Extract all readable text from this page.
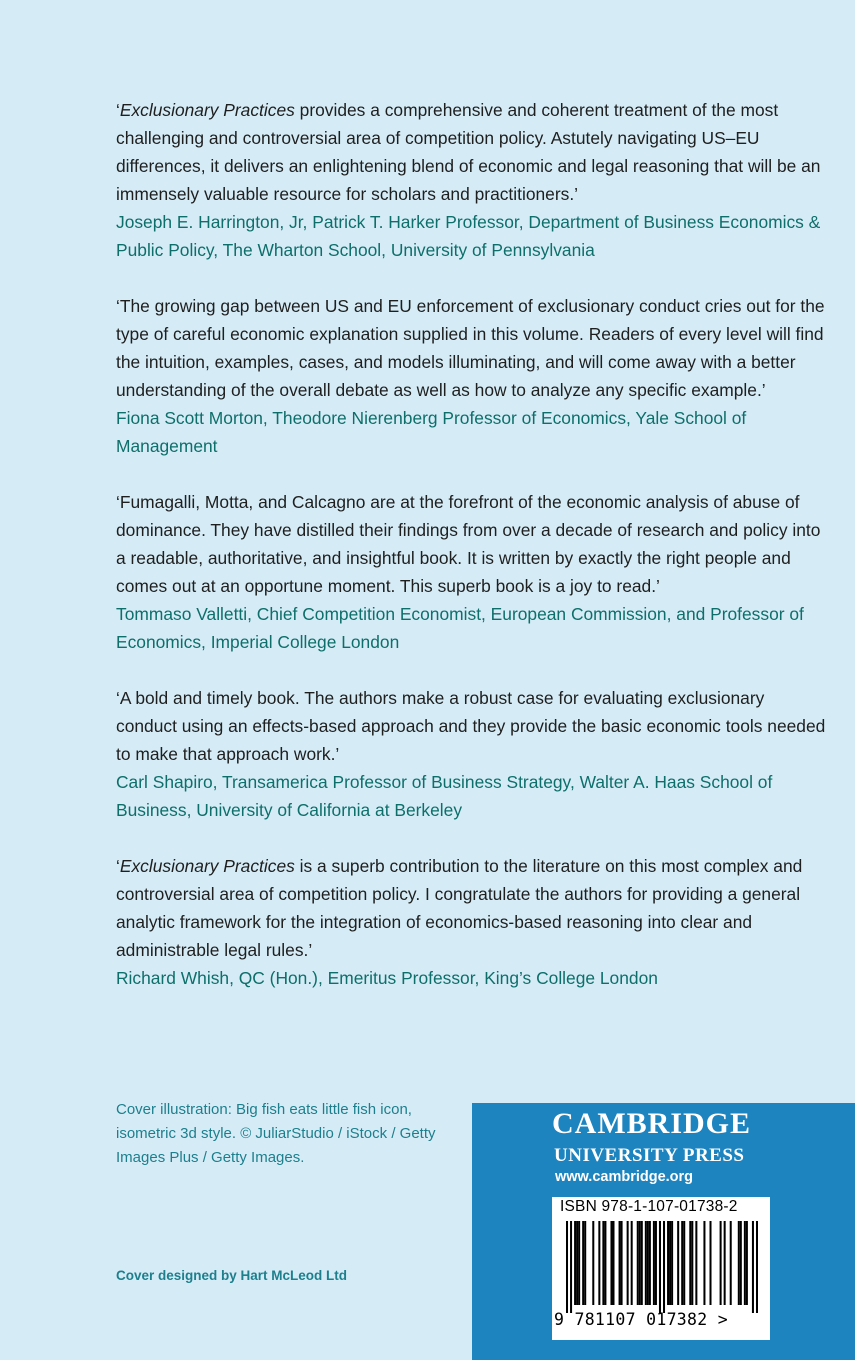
‘Exclusionary Practices provides a comprehensive and coherent treatment of the most challenging and controversial area of competition policy. Astutely navigating US–EU differences, it delivers an enlightening blend of economic and legal reasoning that will be an immensely valuable resource for scholars and practitioners.’

Joseph E. Harrington, Jr, Patrick T. Harker Professor, Department of Business Economics & Public Policy, The Wharton School, University of Pennsylvania

‘The growing gap between US and EU enforcement of exclusionary conduct cries out for the type of careful economic explanation supplied in this volume. Readers of every level will find the intuition, examples, cases, and models illuminating, and will come away with a better understanding of the overall debate as well as how to analyze any specific example.’

Fiona Scott Morton, Theodore Nierenberg Professor of Economics, Yale School of Management

‘Fumagalli, Motta, and Calcagno are at the forefront of the economic analysis of abuse of dominance. They have distilled their findings from over a decade of research and policy into a readable, authoritative, and insightful book. It is written by exactly the right people and comes out at an opportune moment. This superb book is a joy to read.’

Tommaso Valletti, Chief Competition Economist, European Commission, and Professor of Economics, Imperial College London

‘A bold and timely book. The authors make a robust case for evaluating exclusionary conduct using an effects-based approach and they provide the basic economic tools needed to make that approach work.’

Carl Shapiro, Transamerica Professor of Business Strategy, Walter A. Haas School of Business, University of California at Berkeley

‘Exclusionary Practices is a superb contribution to the literature on this most complex and controversial area of competition policy. I congratulate the authors for providing a general analytic framework for the integration of economics-based reasoning into clear and administrable legal rules.’

Richard Whish, QC (Hon.), Emeritus Professor, King’s College London

Cover illustration: Big fish eats little fish icon, isometric 3d style. © JuliarStudio / iStock / Getty Images Plus / Getty Images.

Cover designed by Hart McLeod Ltd

CAMBRIDGE

UNIVERSITY PRESS

www.cambridge.org

ISBN 978-1-107-01738-2

9 781107 017382 >
